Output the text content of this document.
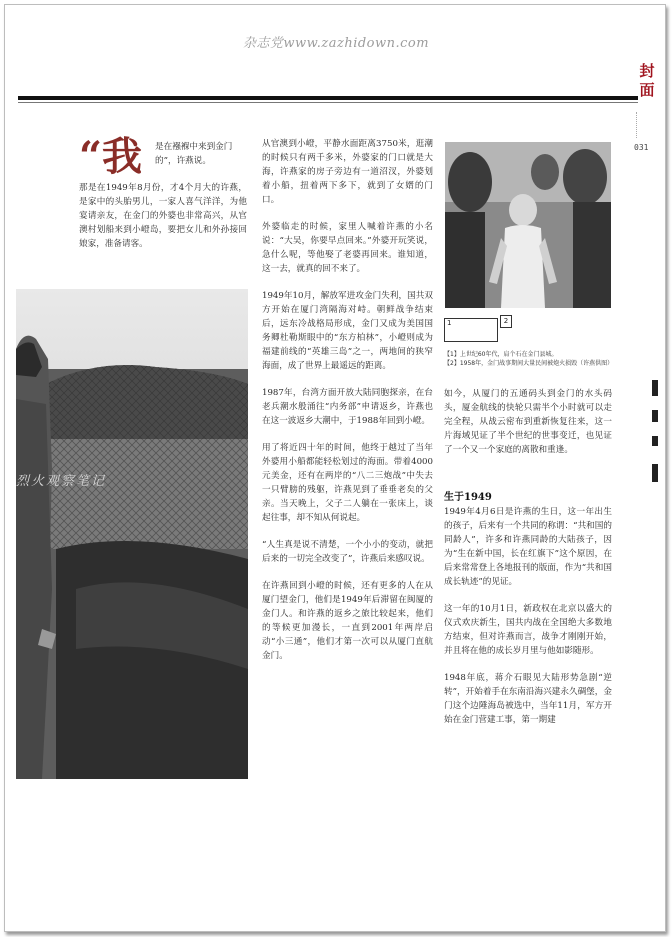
杂志党www.zazhidown.com
封面
031
“我 是在襁褓中来到金门的”，许燕说。

那是在1949年8月份，才4个月大的许燕，是家中的头胎男儿，一家人喜气洋洋，为他宴请亲友，在金门的外婆也非常高兴，从官澳村划船来到小嶝岛，要把女儿和外孙接回娘家，准备请客。

烈火观察笔记

从官澳到小嶝，平静水面距离3750米，逛潮的时候只有两千多米，外婆家的门口就是大海，许燕家的房子旁边有一道沼汊，外婆划着小船，扭着两下多下，就到了女婿的门口。

外婆临走的时候，家里人喊着许燕的小名说：“大吴，你要早点回来。”外婆开玩笑说，急什么呢，等他娶了老婆再回来。谁知道，这一去，就真的回不来了。

1949年10月，解放军进攻金门失利，国共双方开始在厦门湾隔海对峙。朝鲜战争结束后，远东冷战格局形成，金门又成为美国国务卿杜勒斯眼中的“东方柏林”，小嶝则成为福建前线的“英雄三岛”之一，两地间的狭窄海面，成了世界上最遥远的距离。

1987年，台湾方面开放大陆同胞探亲，在台老兵潮水般涌往“内务部”申请返乡，许燕也在这一波返乡大潮中，于1988年回到小嶝。

用了将近四十年的时间，他终于越过了当年外婆用小船都能轻松划过的海面。带着4000元美金，还有在两岸的“八二三炮战”中失去一只臂膀的残躯，许燕见到了垂垂老矣的父亲。当天晚上，父子二人躺在一张床上，谈起往事，却不知从何说起。

“人生真是说不清楚，一个小小的变动，就把后来的一切完全改变了”，许燕后来感叹说。

在许燕回到小嶝的时候，还有更多的人在从厦门望金门，他们是1949年后滞留在闽厦的金门人。和许燕的返乡之旅比较起来，他们的等候更加漫长，一直到2001年两岸启动“小三通”，他们才第一次可以从厦门直航金门。

1	2
【1】上世纪60年代，肩个石在金门县城。
【2】1958年，金门战事期间大量民间被炮火损毁（许燕供图）

如今，从厦门的五通码头到金门的水头码头，厦金航线的快轮只需半个小时就可以走完全程，从战云密布到重新恢复往来，这一片海域见证了半个世纪的世事变迁，也见证了一个又一个家庭的离散和重逢。

生于1949

1949年4月6日是许燕的生日，这一年出生的孩子，后来有一个共同的称谓：“共和国的同龄人”，许多和许燕同龄的大陆孩子，因为“生在新中国，长在红旗下”这个原因，在后来常常登上各地报刊的版面，作为“共和国成长轨迹”的见证。

这一年的10月1日，新政权在北京以盛大的仪式欢庆新生，国共内战在全国绝大多数地方结束，但对许燕而言，战争才刚刚开始，并且将在他的成长岁月里与他如影随形。

1948年底，蒋介石眼见大陆形势急剧“逆转”，开始着手在东南沿海兴建永久碉堡，金门这个边陲海岛被选中，当年11月，军方开始在金门营建工事，第一期建
